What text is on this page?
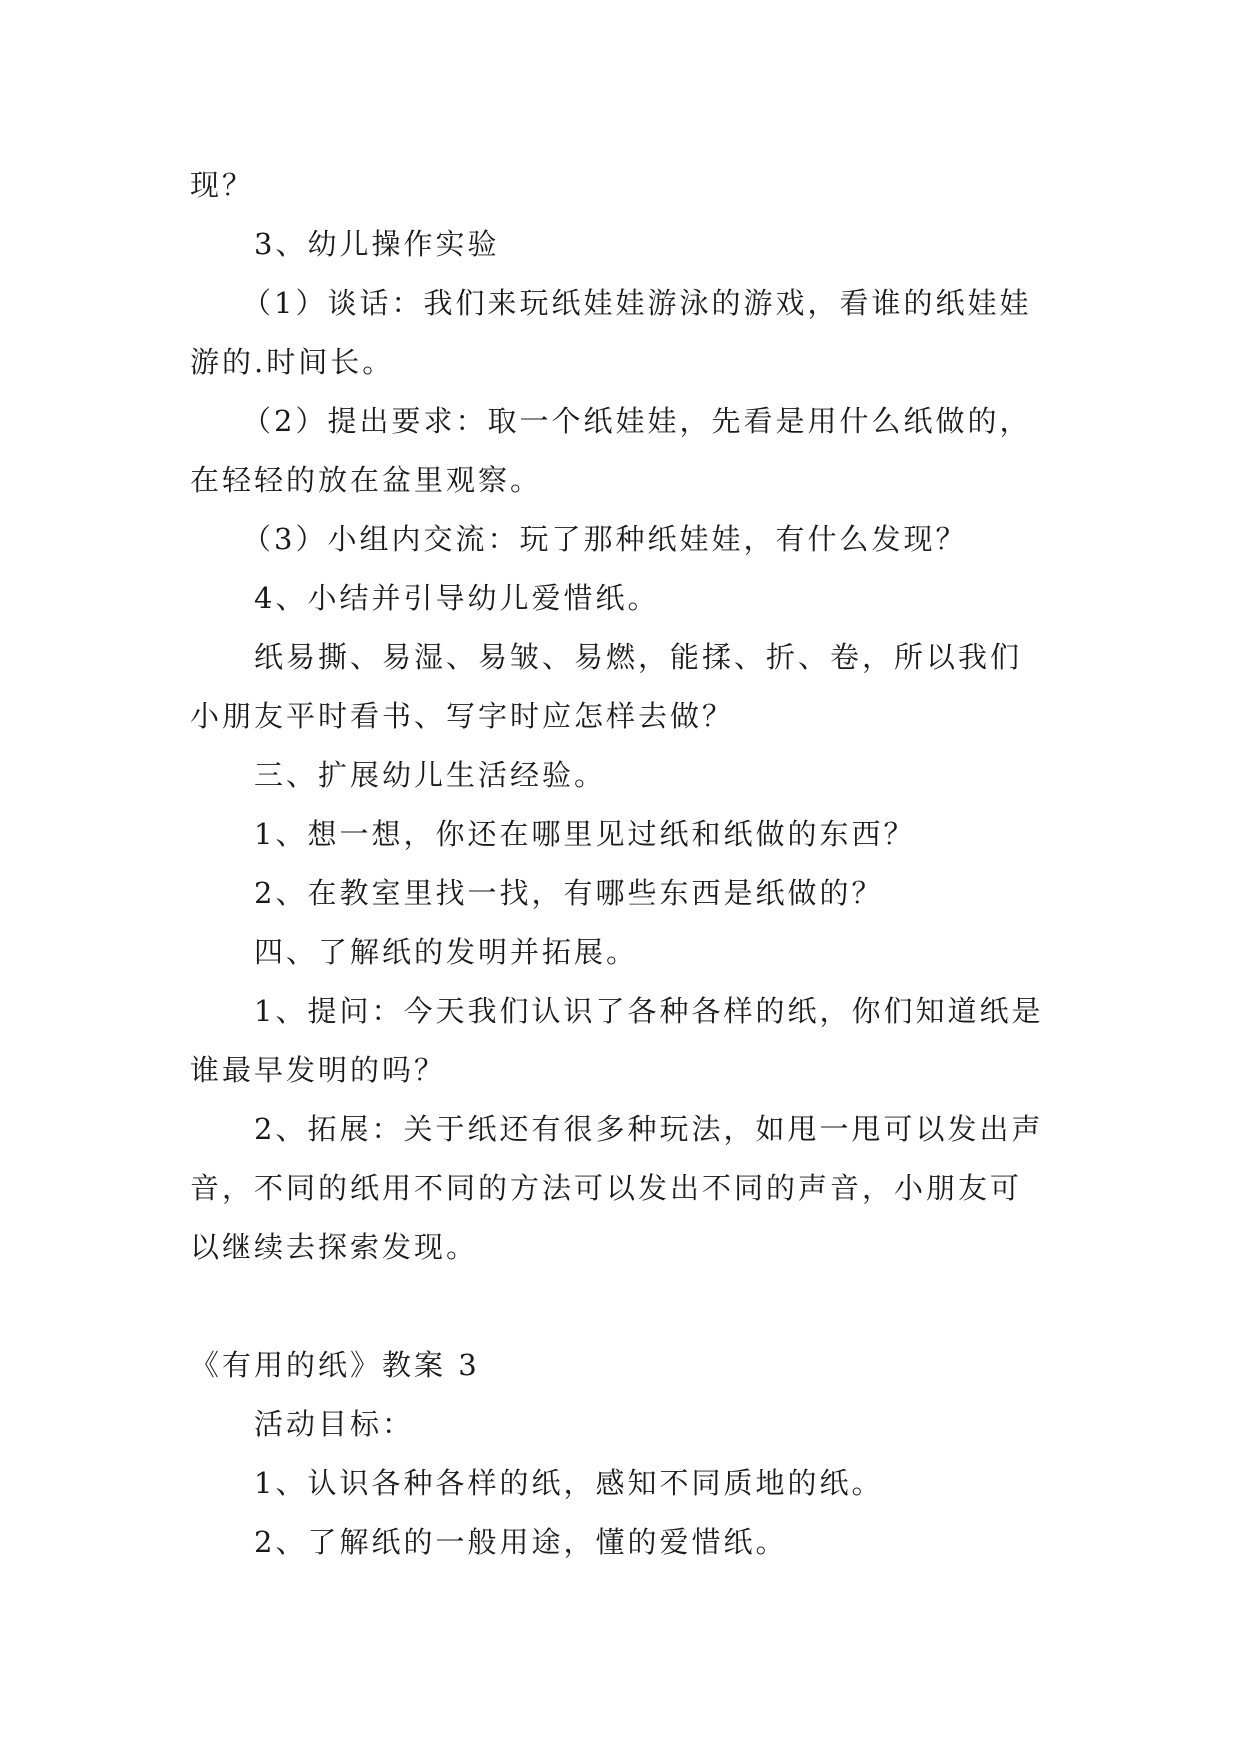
现？

3、幼儿操作实验

（1）谈话：我们来玩纸娃娃游泳的游戏，看谁的纸娃娃游的.时间长。

（2）提出要求：取一个纸娃娃，先看是用什么纸做的，在轻轻的放在盆里观察。

（3）小组内交流：玩了那种纸娃娃，有什么发现？

4、小结并引导幼儿爱惜纸。

纸易撕、易湿、易皱、易燃，能揉、折、卷，所以我们小朋友平时看书、写字时应怎样去做？

三、扩展幼儿生活经验。

1、想一想，你还在哪里见过纸和纸做的东西？

2、在教室里找一找，有哪些东西是纸做的？

四、了解纸的发明并拓展。

1、提问：今天我们认识了各种各样的纸，你们知道纸是谁最早发明的吗？

2、拓展：关于纸还有很多种玩法，如甩一甩可以发出声音，不同的纸用不同的方法可以发出不同的声音，小朋友可以继续去探索发现。

《有用的纸》教案 3

活动目标：

1、认识各种各样的纸，感知不同质地的纸。

2、了解纸的一般用途，懂的爱惜纸。
